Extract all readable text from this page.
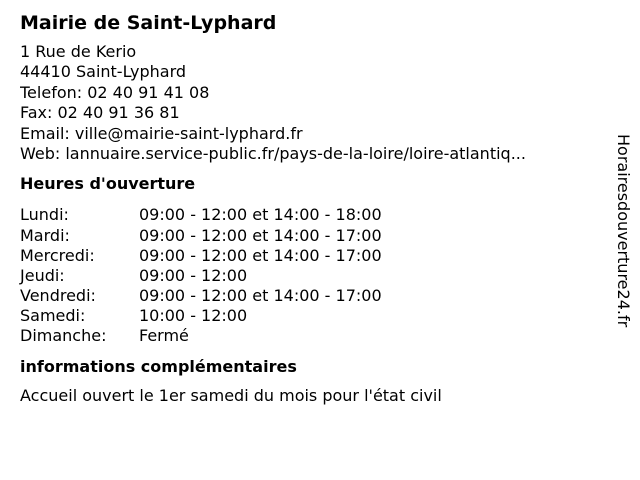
Mairie de Saint-Lyphard
1 Rue de Kerio
44410 Saint-Lyphard
Telefon: 02 40 91 41 08
Fax: 02 40 91 36 81
Email: ville@mairie-saint-lyphard.fr
Web: lannuaire.service-public.fr/pays-de-la-loire/loire-atlantiq...
Heures d'ouverture
Lundi:	09:00 - 12:00 et 14:00 - 18:00
Mardi:	09:00 - 12:00 et 14:00 - 17:00
Mercredi:	09:00 - 12:00 et 14:00 - 17:00
Jeudi:	09:00 - 12:00
Vendredi:	09:00 - 12:00 et 14:00 - 17:00
Samedi:	10:00 - 12:00
Dimanche: Fermé
informations complémentaires
Accueil ouvert le 1er samedi du mois pour l'état civil
Horairesdouverture24.fr
